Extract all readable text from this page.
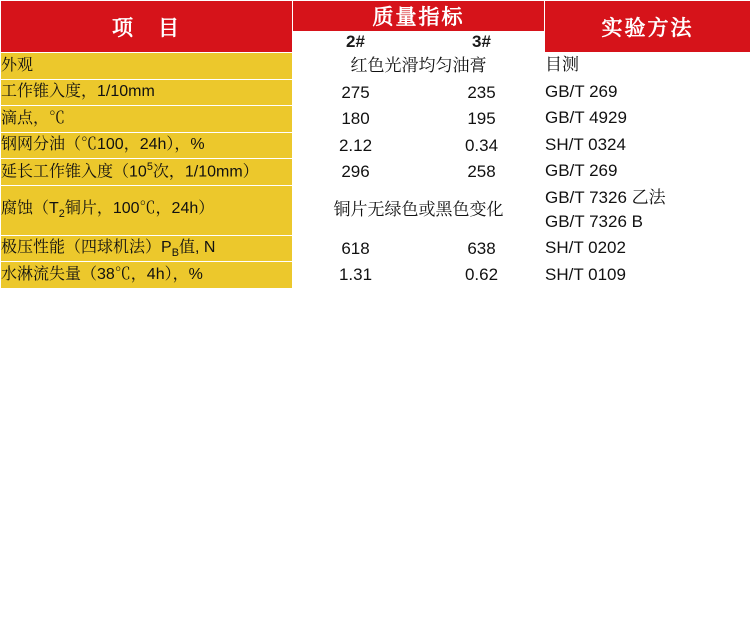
项　目	质量指标		实验方法
	2#	3#	
外观	红色光滑均匀油膏		目测

工作锥入度，1/10mm	275	235	GB/T 269

滴点，℃	180	195	GB/T 4929

钢网分油（℃100，24h），%	2.12	0.34	SH/T 0324

延长工作锥入度（$10^5$次，1/10mm）	296	258	GB/T 269

腐蚀（$T_2$铜片，100℃，24h）	铜片无绿色或黑色变化		GB/T 7326 乙法
GB/T 7326 B

极压性能（四球机法）$P_B$值, N	618	638	SH/T 0202

水淋流失量（38℃，4h），%	1.31	0.62	SH/T 0109
